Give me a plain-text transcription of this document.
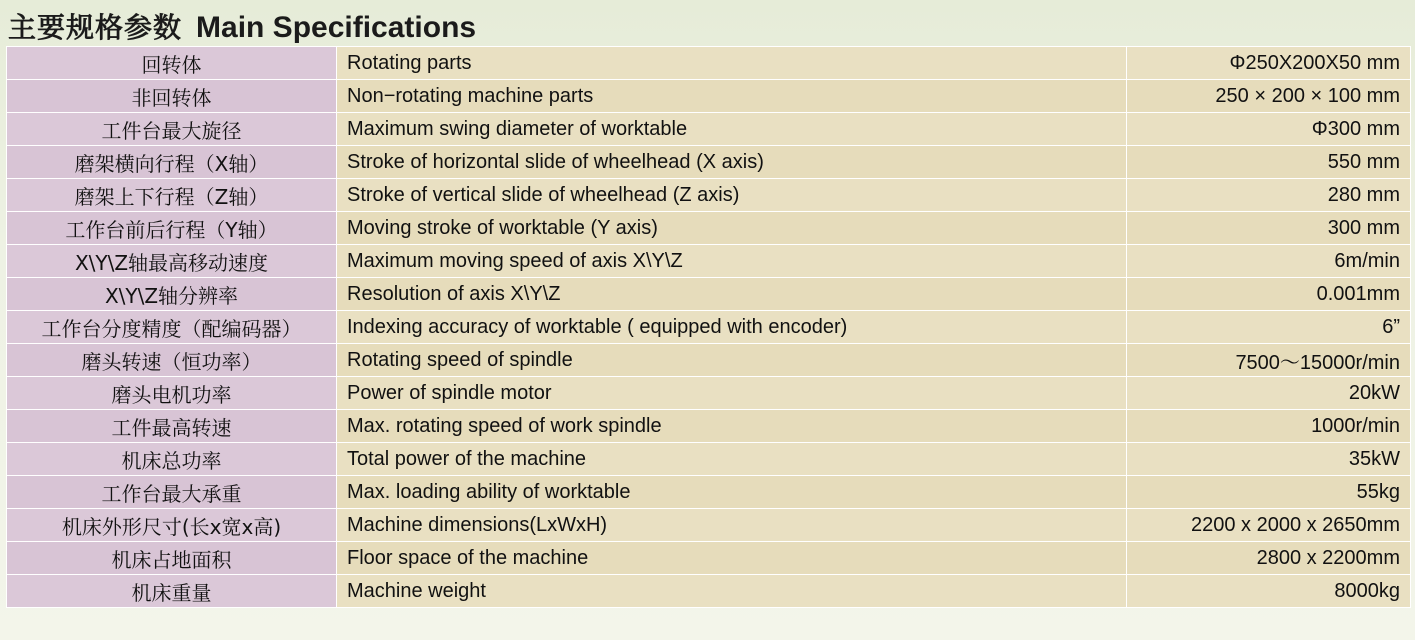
主要规格参数 Main Specifications
回转体	Rotating parts	Φ250X200X50 mm
非回转体	Non−rotating machine parts	250 × 200 × 100 mm
工件台最大旋径	Maximum swing diameter of worktable	Φ300 mm
磨架横向行程（X轴）	Stroke of horizontal slide of wheelhead (X axis)	550 mm
磨架上下行程（Z轴）	Stroke of vertical slide of wheelhead (Z axis)	280 mm
工作台前后行程（Y轴）	Moving stroke of worktable (Y axis)	300 mm
X\Y\Z轴最高移动速度	Maximum moving speed of axis X\Y\Z	6m/min
X\Y\Z轴分辨率	Resolution of axis X\Y\Z	0.001mm
工作台分度精度（配编码器）	Indexing accuracy of worktable ( equipped with encoder)	6”
磨头转速（恒功率）	Rotating speed of spindle	7500～15000r/min
磨头电机功率	Power of spindle motor	20kW
工件最高转速	Max. rotating speed of work spindle	1000r/min
机床总功率	Total power of the machine	35kW
工作台最大承重	Max. loading ability of worktable	55kg
机床外形尺寸(长x宽x高)	Machine dimensions(LxWxH)	2200 x 2000 x 2650mm
机床占地面积	Floor space of the machine	2800 x 2200mm
机床重量	Machine weight	8000kg
